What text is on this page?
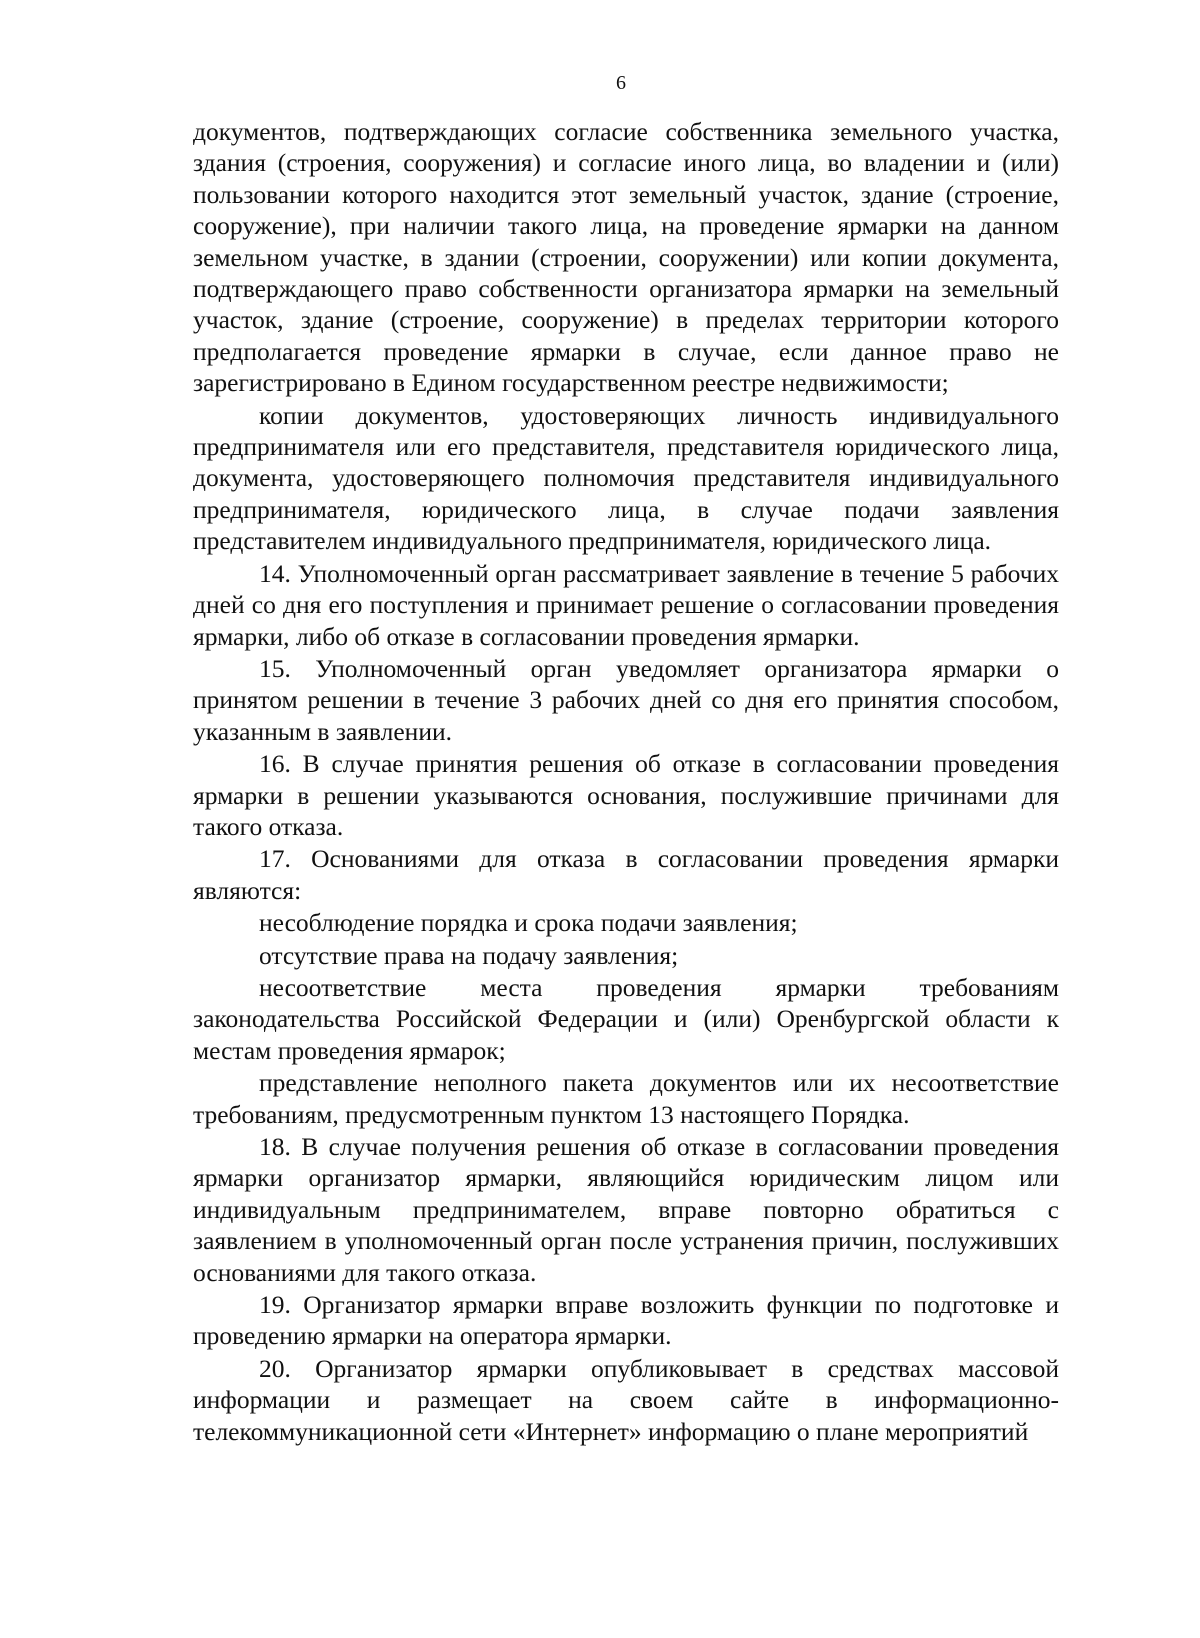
6

документов, подтверждающих согласие собственника земельного участка, здания (строения, сооружения) и согласие иного лица, во владении и (или) пользовании которого находится этот земельный участок, здание (строение, сооружение), при наличии такого лица, на проведение ярмарки на данном земельном участке, в здании (строении, сооружении) или копии документа, подтверждающего право собственности организатора ярмарки на земельный участок, здание (строение, сооружение) в пределах территории которого предполагается проведение ярмарки в случае, если данное право не зарегистрировано в Едином государственном реестре недвижимости;

копии документов, удостоверяющих личность индивидуального предпринимателя или его представителя, представителя юридического лица, документа, удостоверяющего полномочия представителя индивидуального предпринимателя, юридического лица, в случае подачи заявления представителем индивидуального предпринимателя, юридического лица.

14. Уполномоченный орган рассматривает заявление в течение 5 рабочих дней со дня его поступления и принимает решение о согласовании проведения ярмарки, либо об отказе в согласовании проведения ярмарки.

15. Уполномоченный орган уведомляет организатора ярмарки о принятом решении в течение 3 рабочих дней со дня его принятия способом, указанным в заявлении.

16. В случае принятия решения об отказе в согласовании проведения ярмарки в решении указываются основания, послужившие причинами для такого отказа.

17. Основаниями для отказа в согласовании проведения ярмарки являются:

несоблюдение порядка и срока подачи заявления;

отсутствие права на подачу заявления;

несоответствие места проведения ярмарки требованиям законодательства Российской Федерации и (или) Оренбургской области к местам проведения ярмарок;

представление неполного пакета документов или их несоответствие требованиям, предусмотренным пунктом 13 настоящего Порядка.

18. В случае получения решения об отказе в согласовании проведения ярмарки организатор ярмарки, являющийся юридическим лицом или индивидуальным предпринимателем, вправе повторно обратиться с заявлением в уполномоченный орган после устранения причин, послуживших основаниями для такого отказа.

19. Организатор ярмарки вправе возложить функции по подготовке и проведению ярмарки на оператора ярмарки.

20. Организатор ярмарки опубликовывает в средствах массовой информации и размещает на своем сайте в информационно-телекоммуникационной сети «Интернет» информацию о плане мероприятий
